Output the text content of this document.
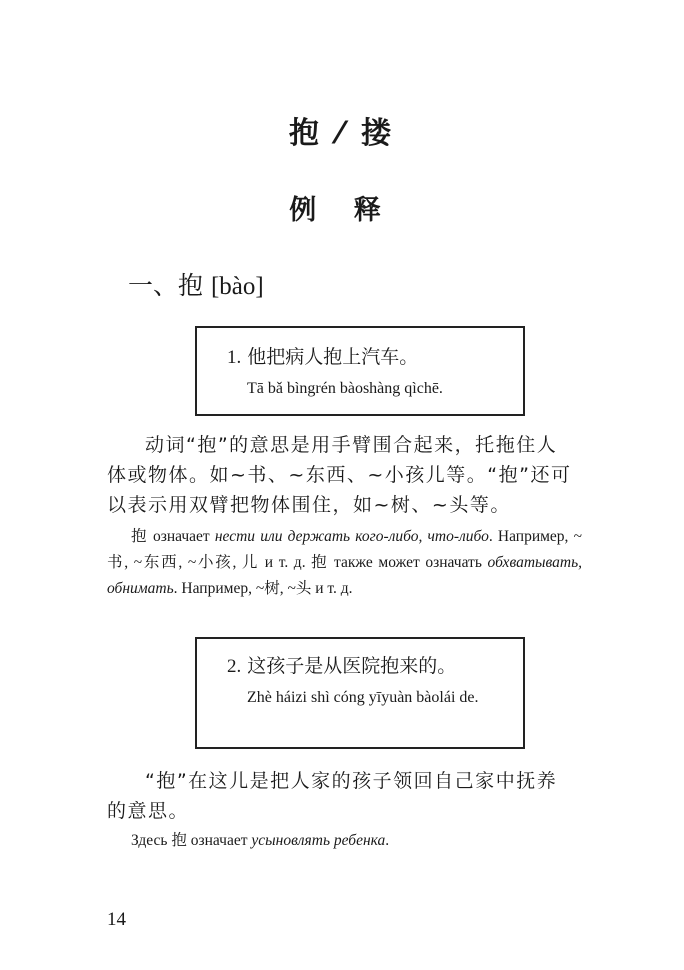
抱 ⁄ 搂
例 释
一、抱 [bào]
1. 他把病人抱上汽车。
Tā bǎ bìngrén bàoshàng qìchē.

动词“抱”的意思是用手臂围合起来，托拖住人体或物体。如~书、~东西、~小孩儿等。“抱”还可以表示用双臂把物体围住，如~树、~头等。

抱 означает нести или держать кого-либо, что-либо. Например, ~书, ~东西, ~小孩, 儿 и т. д. 抱 также может означать обхватывать, обнимать. Например, ~树, ~头 и т. д.

2. 这孩子是从医院抱来的。
Zhè háizi shì cóng yīyuàn bàolái de.

“抱”在这儿是把人家的孩子领回自己家中抚养的意思。

Здесь 抱 означает усыновлять ребенка.

14
